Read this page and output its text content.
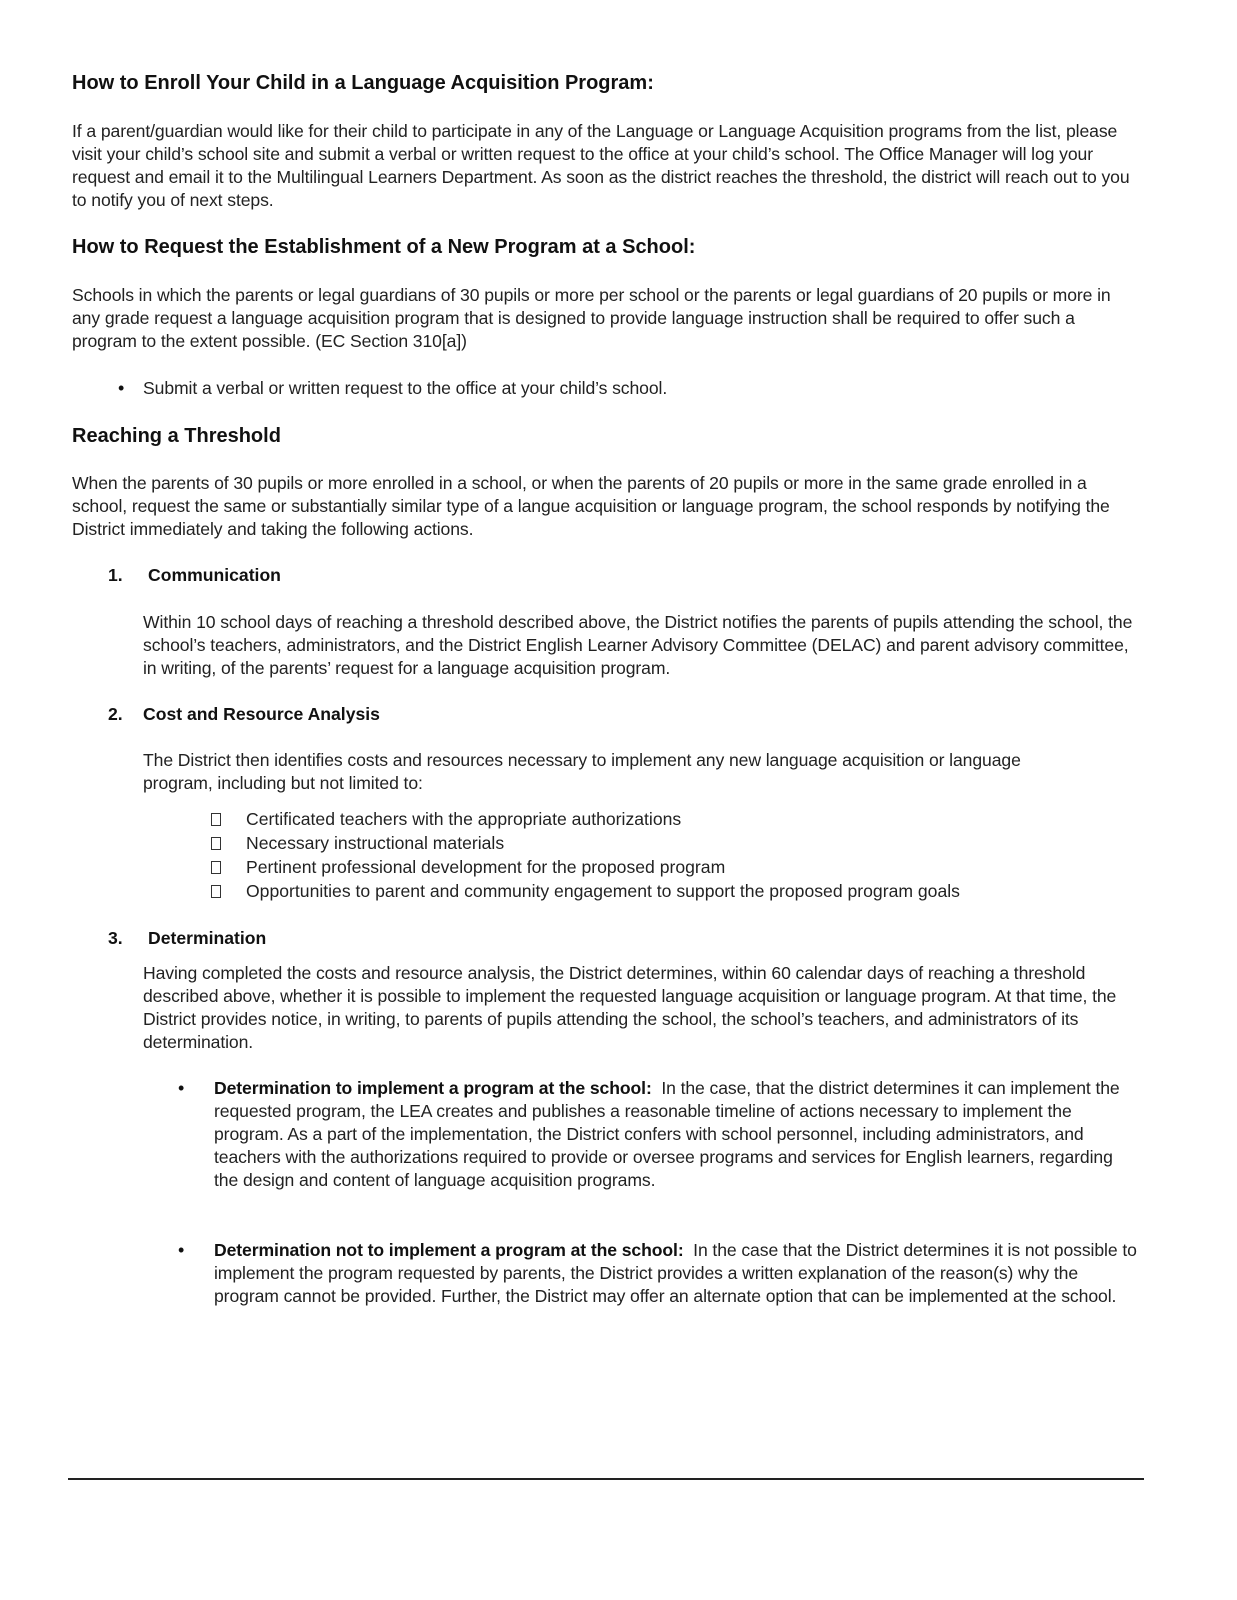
How to Enroll Your Child in a Language Acquisition Program:

If a parent/guardian would like for their child to participate in any of the Language or Language Acquisition programs from the list, please visit your child’s school site and submit a verbal or written request to the office at your child’s school. The Office Manager will log your request and email it to the Multilingual Learners Department. As soon as the district reaches the threshold, the district will reach out to you to notify you of next steps.

How to Request the Establishment of a New Program at a School:

Schools in which the parents or legal guardians of 30 pupils or more per school or the parents or legal guardians of 20 pupils or more in any grade request a language acquisition program that is designed to provide language instruction shall be required to offer such a program to the extent possible. (EC Section 310[a])

• Submit a verbal or written request to the office at your child’s school.

Reaching a Threshold

When the parents of 30 pupils or more enrolled in a school, or when the parents of 20 pupils or more in the same grade enrolled in a school, request the same or substantially similar type of a langue acquisition or language program, the school responds by notifying the District immediately and taking the following actions.

1. Communication

Within 10 school days of reaching a threshold described above, the District notifies the parents of pupils attending the school, the school’s teachers, administrators, and the District English Learner Advisory Committee (DELAC) and parent advisory committee, in writing, of the parents’ request for a language acquisition program.

2. Cost and Resource Analysis

The District then identifies costs and resources necessary to implement any new language acquisition or language program, including but not limited to:

Certificated teachers with the appropriate authorizations
Necessary instructional materials
Pertinent professional development for the proposed program
Opportunities to parent and community engagement to support the proposed program goals
3. Determination

Having completed the costs and resource analysis, the District determines, within 60 calendar days of reaching a threshold described above, whether it is possible to implement the requested language acquisition or language program. At that time, the District provides notice, in writing, to parents of pupils attending the school, the school’s teachers, and administrators of its determination.

• Determination to implement a program at the school: In the case, that the district determines it can implement the requested program, the LEA creates and publishes a reasonable timeline of actions necessary to implement the program. As a part of the implementation, the District confers with school personnel, including administrators, and teachers with the authorizations required to provide or oversee programs and services for English learners, regarding the design and content of language acquisition programs.

• Determination not to implement a program at the school: In the case that the District determines it is not possible to implement the program requested by parents, the District provides a written explanation of the reason(s) why the program cannot be provided. Further, the District may offer an alternate option that can be implemented at the school.
